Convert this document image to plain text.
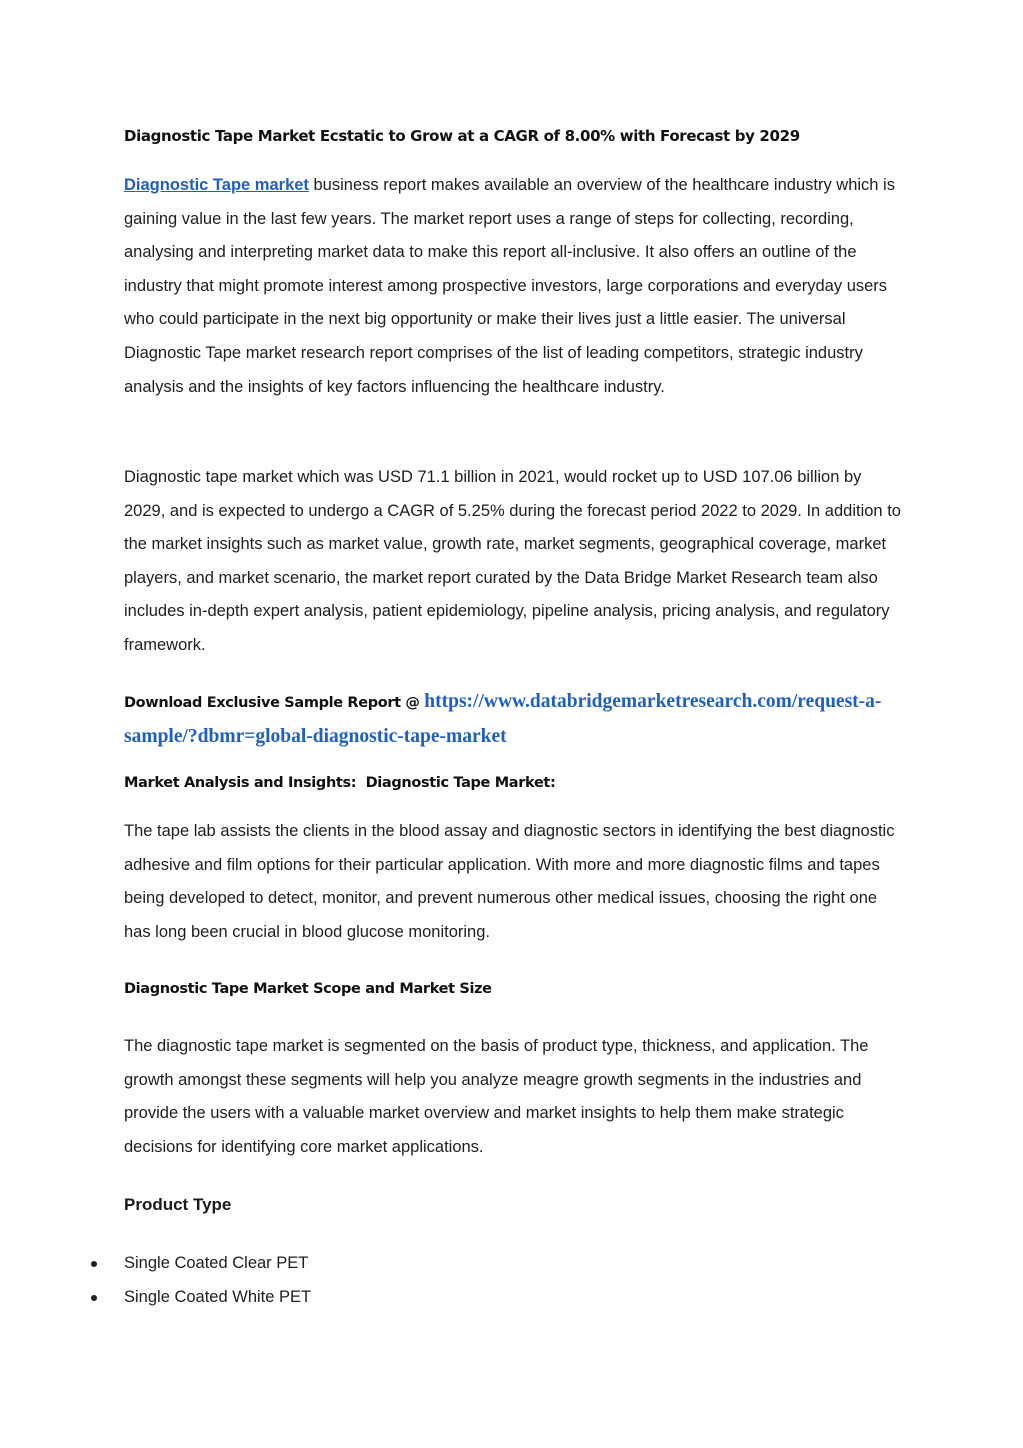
Diagnostic Tape Market Ecstatic to Grow at a CAGR of 8.00% with Forecast by 2029

Diagnostic Tape market business report makes available an overview of the healthcare industry which is gaining value in the last few years. The market report uses a range of steps for collecting, recording, analysing and interpreting market data to make this report all-inclusive. It also offers an outline of the industry that might promote interest among prospective investors, large corporations and everyday users who could participate in the next big opportunity or make their lives just a little easier. The universal Diagnostic Tape market research report comprises of the list of leading competitors, strategic industry analysis and the insights of key factors influencing the healthcare industry.

Diagnostic tape market which was USD 71.1 billion in 2021, would rocket up to USD 107.06 billion by 2029, and is expected to undergo a CAGR of 5.25% during the forecast period 2022 to 2029. In addition to the market insights such as market value, growth rate, market segments, geographical coverage, market players, and market scenario, the market report curated by the Data Bridge Market Research team also includes in-depth expert analysis, patient epidemiology, pipeline analysis, pricing analysis, and regulatory framework.

Download Exclusive Sample Report @ https://www.databridgemarketresearch.com/request-a-sample/?dbmr=global-diagnostic-tape-market

Market Analysis and Insights:  Diagnostic Tape Market:

The tape lab assists the clients in the blood assay and diagnostic sectors in identifying the best diagnostic adhesive and film options for their particular application. With more and more diagnostic films and tapes being developed to detect, monitor, and prevent numerous other medical issues, choosing the right one has long been crucial in blood glucose monitoring.

Diagnostic Tape Market Scope and Market Size

The diagnostic tape market is segmented on the basis of product type, thickness, and application. The growth amongst these segments will help you analyze meagre growth segments in the industries and provide the users with a valuable market overview and market insights to help them make strategic decisions for identifying core market applications.

Product Type
Single Coated Clear PET
Single Coated White PET
